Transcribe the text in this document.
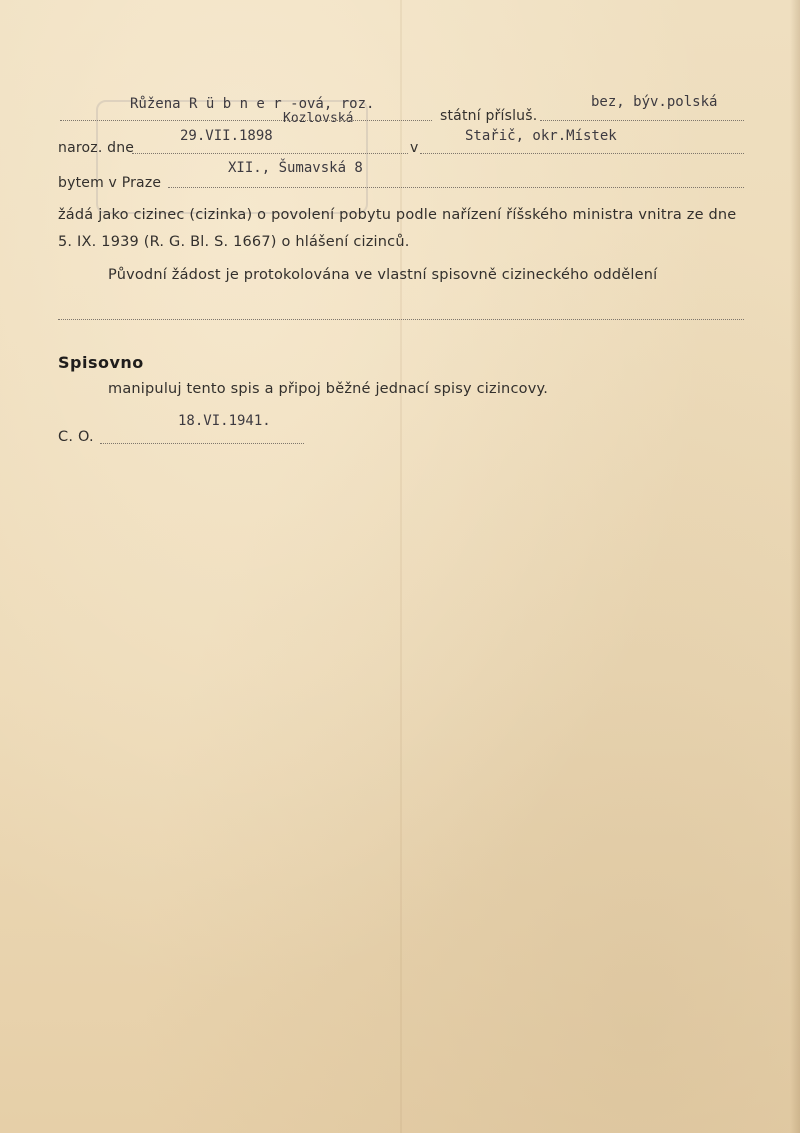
Růžena R ü b n e r -ová, roz.
Kozlovská	státní přísluš.
bez, býv.polská
naroz. dne
29.VII.1898
v
Stařič, okr.Místek
bytem v Praze
XII., Šumavská 8
žádá jako cizinec (cizinka) o povolení pobytu podle nařízení říšského ministra vnitra ze dne
5. IX. 1939 (R. G. Bl. S. 1667) o hlášení cizinců.
Původní žádost je protokolována ve vlastní spisovně cizineckého oddělení
Spisovno
manipuluj tento spis a připoj běžné jednací spisy cizincovy.
18.VI.1941.
C. O.
